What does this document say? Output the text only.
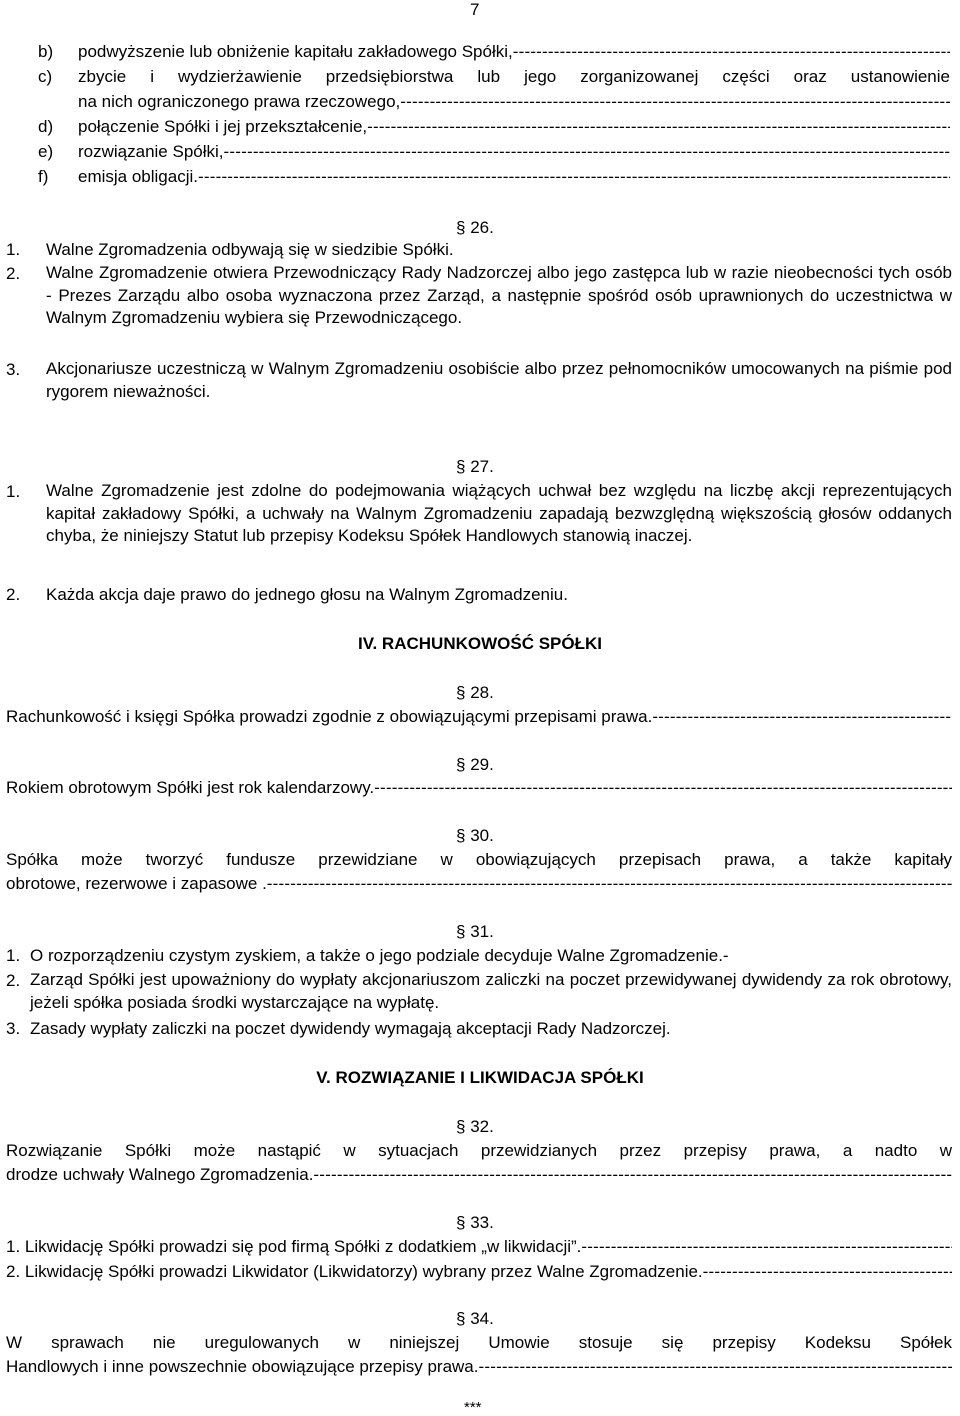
7
b) podwyższenie lub obniżenie kapitału zakładowego Spółki,
-----
c) zbycie i wydzierżawienie przedsiębiorstwa lub jego zorganizowanej części oraz ustanowienie
na nich ograniczonego prawa rzeczowego,
-----
d) połączenie Spółki i jej przekształcenie,
-----
e) rozwiązanie Spółki,
-----
f) emisja obligacji.
-----
§ 26.
1. Walne Zgromadzenia odbywają się w siedzibie Spółki.
2. Walne Zgromadzenie otwiera Przewodniczący Rady Nadzorczej albo jego zastępca lub w razie nieobecności tych osób - Prezes Zarządu albo osoba wyznaczona przez Zarząd, a następnie spośród osób uprawnionych do uczestnictwa w Walnym Zgromadzeniu wybiera się Przewodniczącego.
3. Akcjonariusze uczestniczą w Walnym Zgromadzeniu osobiście albo przez pełnomocników umocowanych na piśmie pod rygorem nieważności.
§ 27.
1. Walne Zgromadzenie jest zdolne do podejmowania wiążących uchwał bez względu na liczbę akcji reprezentujących kapitał zakładowy Spółki, a uchwały na Walnym Zgromadzeniu zapadają bezwzględną większością głosów oddanych chyba, że niniejszy Statut lub przepisy Kodeksu Spółek Handlowych stanowią inaczej.
2. Każda akcja daje prawo do jednego głosu na Walnym Zgromadzeniu.
IV. RACHUNKOWOŚĆ SPÓŁKI
§ 28.
Rachunkowość i księgi Spółka prowadzi zgodnie z obowiązującymi przepisami prawa.
-----
§ 29.
Rokiem obrotowym Spółki jest rok kalendarzowy.
-----
§ 30.
Spółka może tworzyć fundusze przewidziane w obowiązujących przepisach prawa, a także kapitały
obrotowe, rezerwowe i zapasowe .
-----
§ 31.
1. O rozporządzeniu czystym zyskiem, a także o jego podziale decyduje Walne Zgromadzenie.-
2. Zarząd Spółki jest upoważniony do wypłaty akcjonariuszom zaliczki na poczet przewidywanej dywidendy za rok obrotowy, jeżeli spółka posiada środki wystarczające na wypłatę.
3. Zasady wypłaty zaliczki na poczet dywidendy wymagają akceptacji Rady Nadzorczej.
V. ROZWIĄZANIE I LIKWIDACJA SPÓŁKI
§ 32.
Rozwiązanie Spółki może nastąpić w sytuacjach przewidzianych przez przepisy prawa, a nadto w
drodze uchwały Walnego Zgromadzenia.
-----
§ 33.
1. Likwidację Spółki prowadzi się pod firmą Spółki z dodatkiem „w likwidacji”.
-----
2. Likwidację Spółki prowadzi Likwidator (Likwidatorzy) wybrany przez Walne Zgromadzenie.
-----
§ 34.
W sprawach nie uregulowanych w niniejszej Umowie stosuje się przepisy Kodeksu Spółek
Handlowych i inne powszechnie obowiązujące przepisy prawa.
-----
***
